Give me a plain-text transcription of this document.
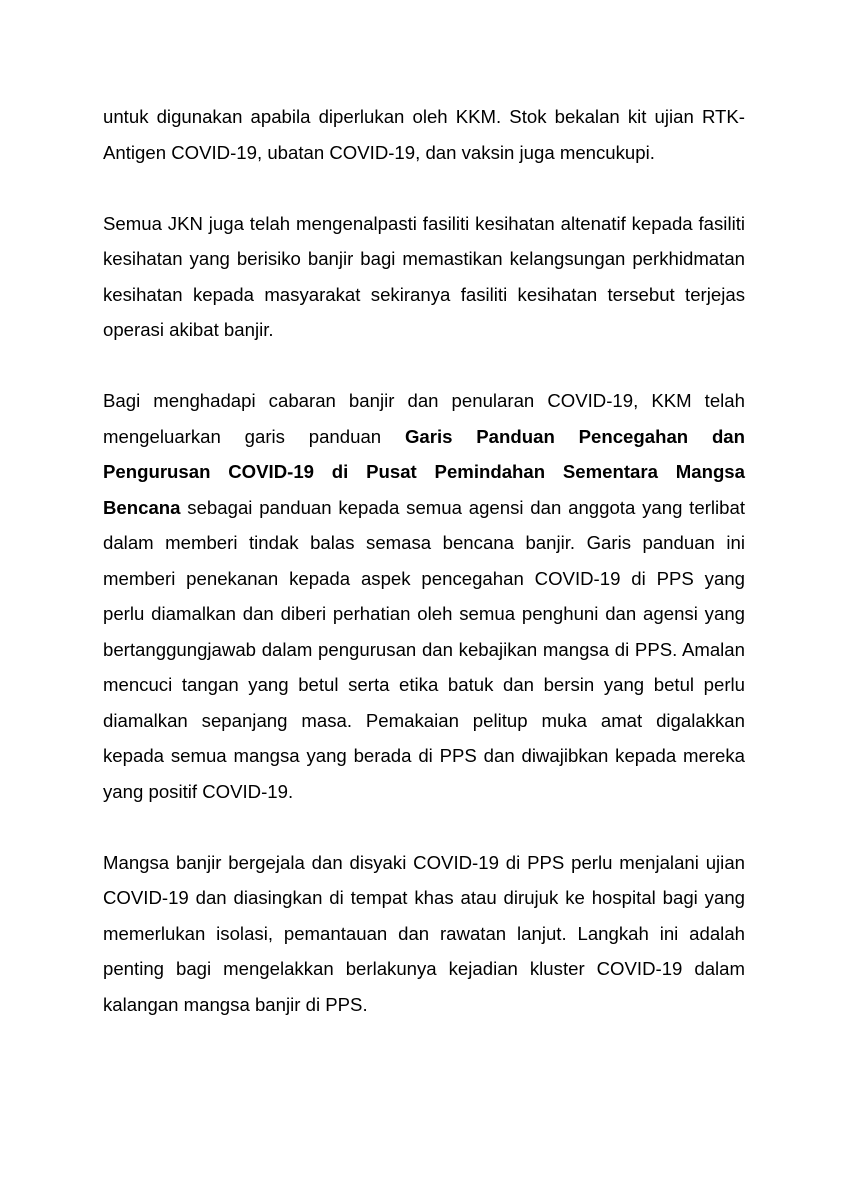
untuk digunakan apabila diperlukan oleh KKM. Stok bekalan kit ujian RTK-Antigen COVID-19, ubatan COVID-19, dan vaksin juga mencukupi.

Semua JKN juga telah mengenalpasti fasiliti kesihatan altenatif kepada fasiliti kesihatan yang berisiko banjir bagi memastikan kelangsungan perkhidmatan kesihatan kepada masyarakat sekiranya fasiliti kesihatan tersebut terjejas operasi akibat banjir.

Bagi menghadapi cabaran banjir dan penularan COVID-19, KKM telah mengeluarkan garis panduan Garis Panduan Pencegahan dan Pengurusan COVID-19 di Pusat Pemindahan Sementara Mangsa Bencana sebagai panduan kepada semua agensi dan anggota yang terlibat dalam memberi tindak balas semasa bencana banjir. Garis panduan ini memberi penekanan kepada aspek pencegahan COVID-19 di PPS yang perlu diamalkan dan diberi perhatian oleh semua penghuni dan agensi yang bertanggungjawab dalam pengurusan dan kebajikan mangsa di PPS. Amalan mencuci tangan yang betul serta etika batuk dan bersin yang betul perlu diamalkan sepanjang masa. Pemakaian pelitup muka amat digalakkan kepada semua mangsa yang berada di PPS dan diwajibkan kepada mereka yang positif COVID-19.

Mangsa banjir bergejala dan disyaki COVID-19 di PPS perlu menjalani ujian COVID-19 dan diasingkan di tempat khas atau dirujuk ke hospital bagi yang memerlukan isolasi, pemantauan dan rawatan lanjut. Langkah ini adalah penting bagi mengelakkan berlakunya kejadian kluster COVID-19 dalam kalangan mangsa banjir di PPS.
